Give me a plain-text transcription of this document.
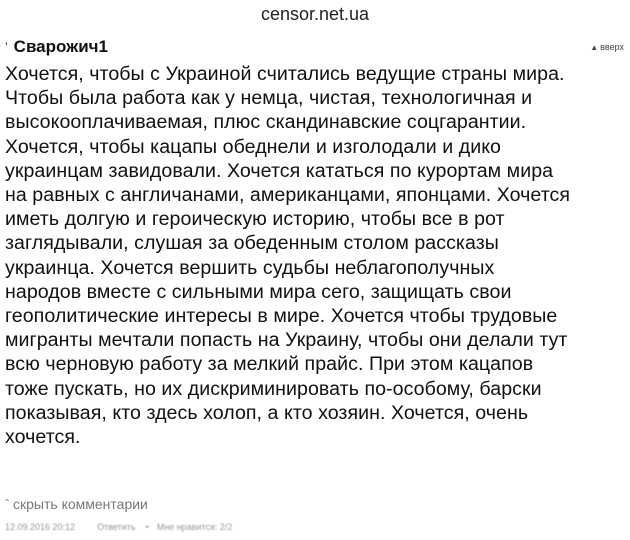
censor.net.ua
’ Сварожич1	▲ вверх
Хочется, чтобы с Украиной считались ведущие страны мира.
Чтобы была работа как у немца, чистая, технологичная и
высокооплачиваемая, плюс скандинавские соцгарантии.
Хочется, чтобы кацапы обеднели и изголодали и дико
украинцам завидовали. Хочется кататься по курортам мира
на равных с англичанами, американцами, японцами. Хочется
иметь долгую и героическую историю, чтобы все в рот
заглядывали, слушая за обеденным столом рассказы
украинца. Хочется вершить судьбы неблагополучных
народов вместе с сильными мира сего, защищать свои
геополитические интересы в мире. Хочется чтобы трудовые
мигранты мечтали попасть на Украину, чтобы они делали тут
всю черновую работу за мелкий прайс. При этом кацапов
тоже пускать, но их дискриминировать по-особому, барски
показывая, кто здесь холоп, а кто хозяин. Хочется, очень
хочется.
ˆ скрыть комментарии
12.09.2016 20:12 Ответить • Мне нравится: 2/2
